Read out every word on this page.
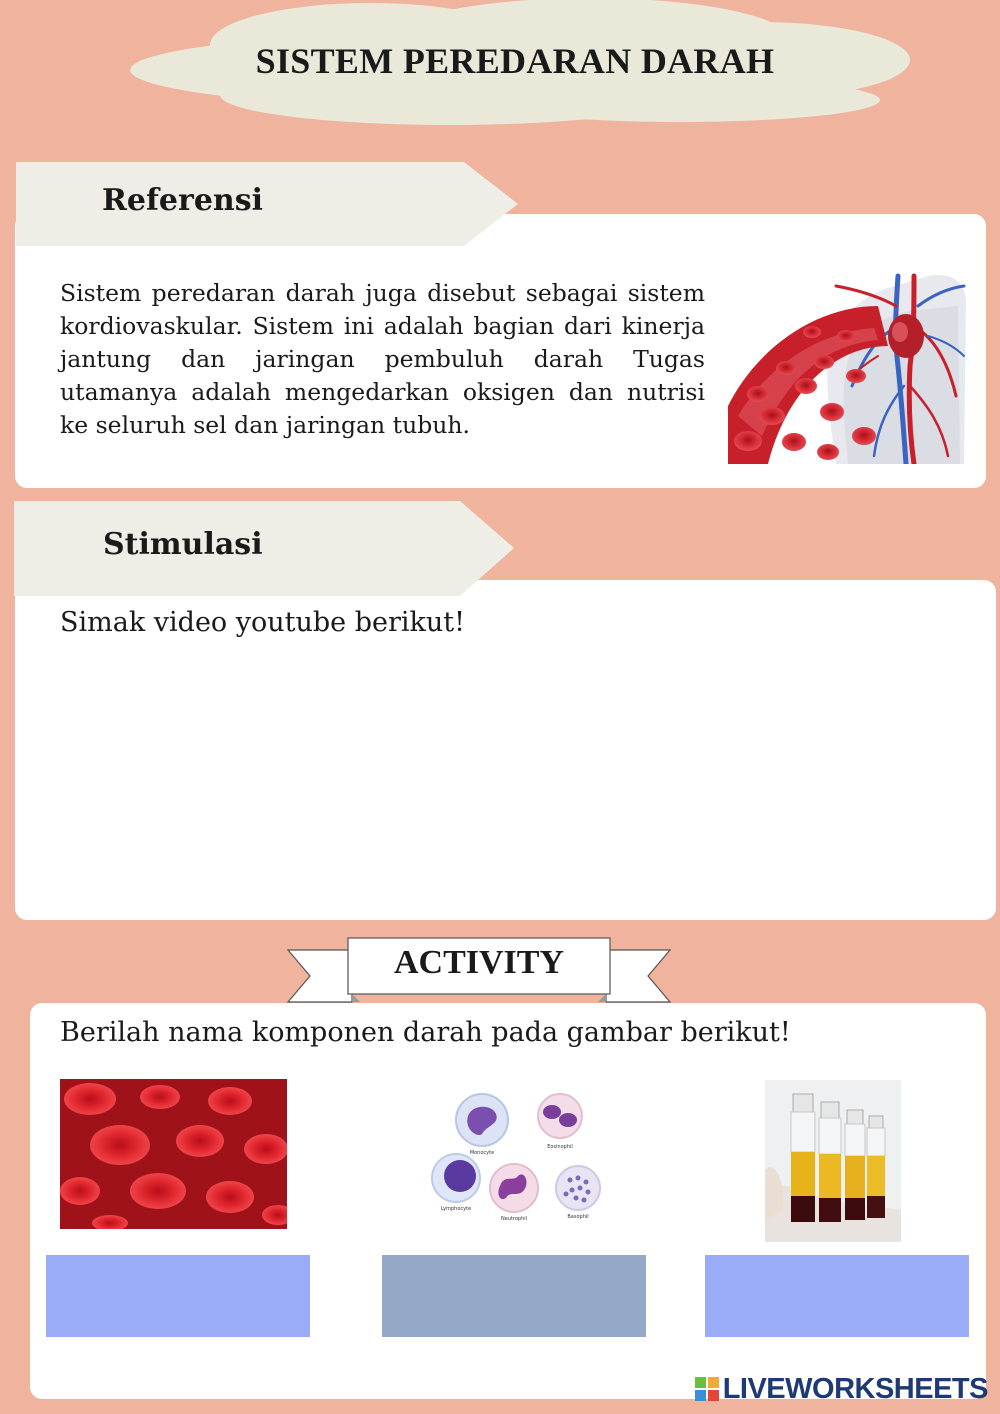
SISTEM PEREDARAN DARAH
Referensi
Sistem peredaran darah juga disebut sebagai sistem kordiovaskular. Sistem ini adalah bagian dari kinerja jantung dan jaringan pembuluh darah Tugas utamanya adalah mengedarkan oksigen dan nutrisi ke seluruh sel dan jaringan tubuh.
Stimulasi
Simak video youtube berikut!
ACTIVITY
Berilah nama komponen darah pada gambar berikut!
Monocyte
Eosinophil
Lymphocyte
Neutrophil	Basophil
LIVEWORKSHEETS
